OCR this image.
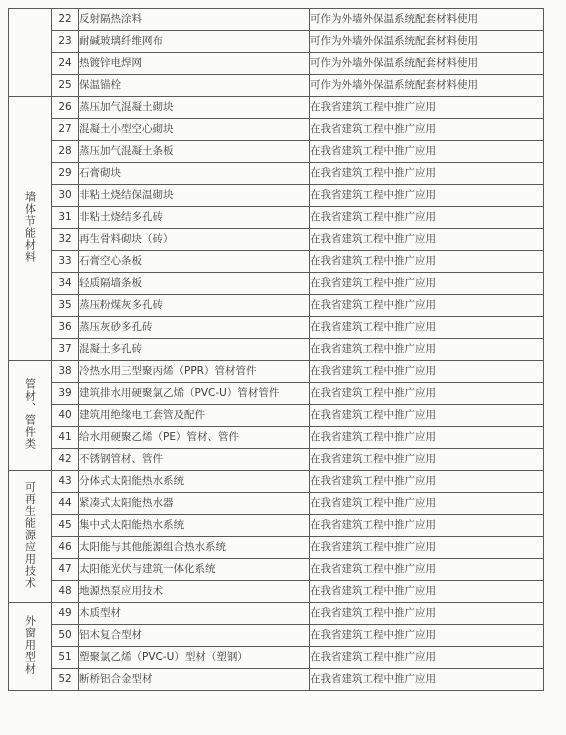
	22	反射隔热涂料	可作为外墙外保温系统配套材料使用
	23	耐碱玻璃纤维网布	可作为外墙外保温系统配套材料使用
	24	热镀锌电焊网	可作为外墙外保温系统配套材料使用
	25	保温锚栓	可作为外墙外保温系统配套材料使用
墙体节能材料	26	蒸压加气混凝土砌块	在我省建筑工程中推广应用
	27	混凝土小型空心砌块	在我省建筑工程中推广应用
	28	蒸压加气混凝土条板	在我省建筑工程中推广应用
	29	石膏砌块	在我省建筑工程中推广应用
	30	非粘土烧结保温砌块	在我省建筑工程中推广应用
	31	非粘土烧结多孔砖	在我省建筑工程中推广应用
	32	再生骨料砌块（砖）	在我省建筑工程中推广应用
	33	石膏空心条板	在我省建筑工程中推广应用
	34	轻质隔墙条板	在我省建筑工程中推广应用
	35	蒸压粉煤灰多孔砖	在我省建筑工程中推广应用
	36	蒸压灰砂多孔砖	在我省建筑工程中推广应用
	37	混凝土多孔砖	在我省建筑工程中推广应用
管材、管件类	38	冷热水用三型聚丙烯（PPR）管材管件	在我省建筑工程中推广应用
	39	建筑排水用硬聚氯乙烯（PVC-U）管材管件	在我省建筑工程中推广应用
	40	建筑用绝缘电工套管及配件	在我省建筑工程中推广应用
	41	给水用硬聚乙烯（PE）管材、管件	在我省建筑工程中推广应用
	42	不锈钢管材、管件	在我省建筑工程中推广应用
可再生能源应用技术	43	分体式太阳能热水系统	在我省建筑工程中推广应用
	44	紧凑式太阳能热水器	在我省建筑工程中推广应用
	45	集中式太阳能热水系统	在我省建筑工程中推广应用
	46	太阳能与其他能源组合热水系统	在我省建筑工程中推广应用
	47	太阳能光伏与建筑一体化系统	在我省建筑工程中推广应用
	48	地源热泵应用技术	在我省建筑工程中推广应用
外窗用型材	49	木质型材	在我省建筑工程中推广应用
	50	铝木复合型材	在我省建筑工程中推广应用
	51	塑聚氯乙烯（PVC-U）型材（塑钢）	在我省建筑工程中推广应用
	52	断桥铝合金型材	在我省建筑工程中推广应用
